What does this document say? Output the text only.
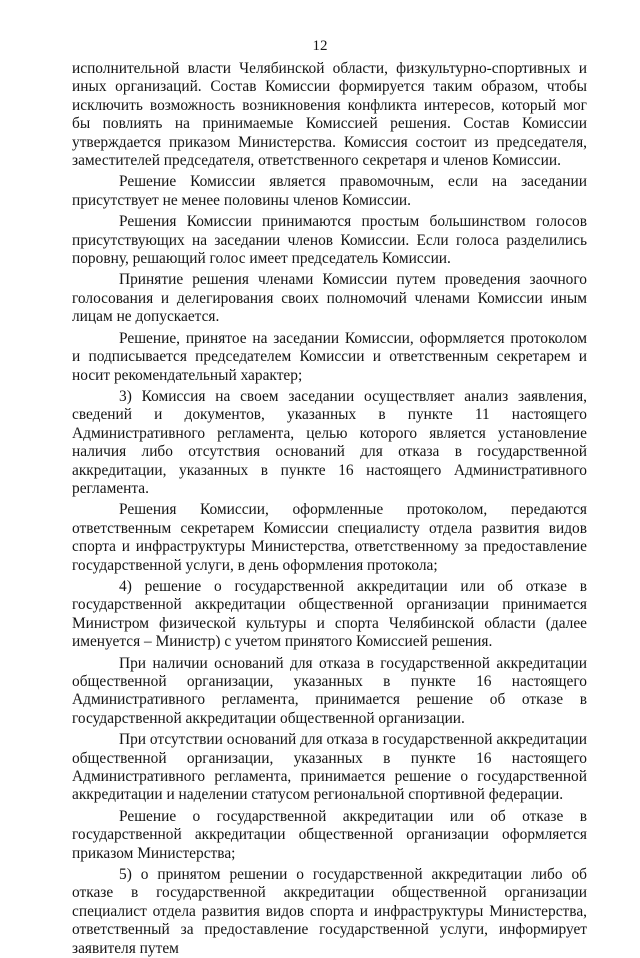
12

исполнительной власти Челябинской области, физкультурно-спортивных и иных организаций. Состав Комиссии формируется таким образом, чтобы исключить возможность возникновения конфликта интересов, который мог бы повлиять на принимаемые Комиссией решения. Состав Комиссии утверждается приказом Министерства. Комиссия состоит из председателя, заместителей председателя, ответственного секретаря и членов Комиссии.

Решение Комиссии является правомочным, если на заседании присутствует не менее половины членов Комиссии.

Решения Комиссии принимаются простым большинством голосов присутствующих на заседании членов Комиссии. Если голоса разделились поровну, решающий голос имеет председатель Комиссии.

Принятие решения членами Комиссии путем проведения заочного голосования и делегирования своих полномочий членами Комиссии иным лицам не допускается.

Решение, принятое на заседании Комиссии, оформляется протоколом и подписывается председателем Комиссии и ответственным секретарем и носит рекомендательный характер;

3) Комиссия на своем заседании осуществляет анализ заявления, сведений и документов, указанных в пункте 11 настоящего Административного регламента, целью которого является установление наличия либо отсутствия оснований для отказа в государственной аккредитации, указанных в пункте 16 настоящего Административного регламента.

Решения Комиссии, оформленные протоколом, передаются ответственным секретарем Комиссии специалисту отдела развития видов спорта и инфраструктуры Министерства, ответственному за предоставление государственной услуги, в день оформления протокола;

4) решение о государственной аккредитации или об отказе в государственной аккредитации общественной организации принимается Министром физической культуры и спорта Челябинской области (далее именуется – Министр) с учетом принятого Комиссией решения.

При наличии оснований для отказа в государственной аккредитации общественной организации, указанных в пункте 16 настоящего Административного регламента, принимается решение об отказе в государственной аккредитации общественной организации.

При отсутствии оснований для отказа в государственной аккредитации общественной организации, указанных в пункте 16 настоящего Административного регламента, принимается решение о государственной аккредитации и наделении статусом региональной спортивной федерации.

Решение о государственной аккредитации или об отказе в государственной аккредитации общественной организации оформляется приказом Министерства;

5) о принятом решении о государственной аккредитации либо об отказе в государственной аккредитации общественной организации специалист отдела развития видов спорта и инфраструктуры Министерства, ответственный за предоставление государственной услуги, информирует заявителя путем
